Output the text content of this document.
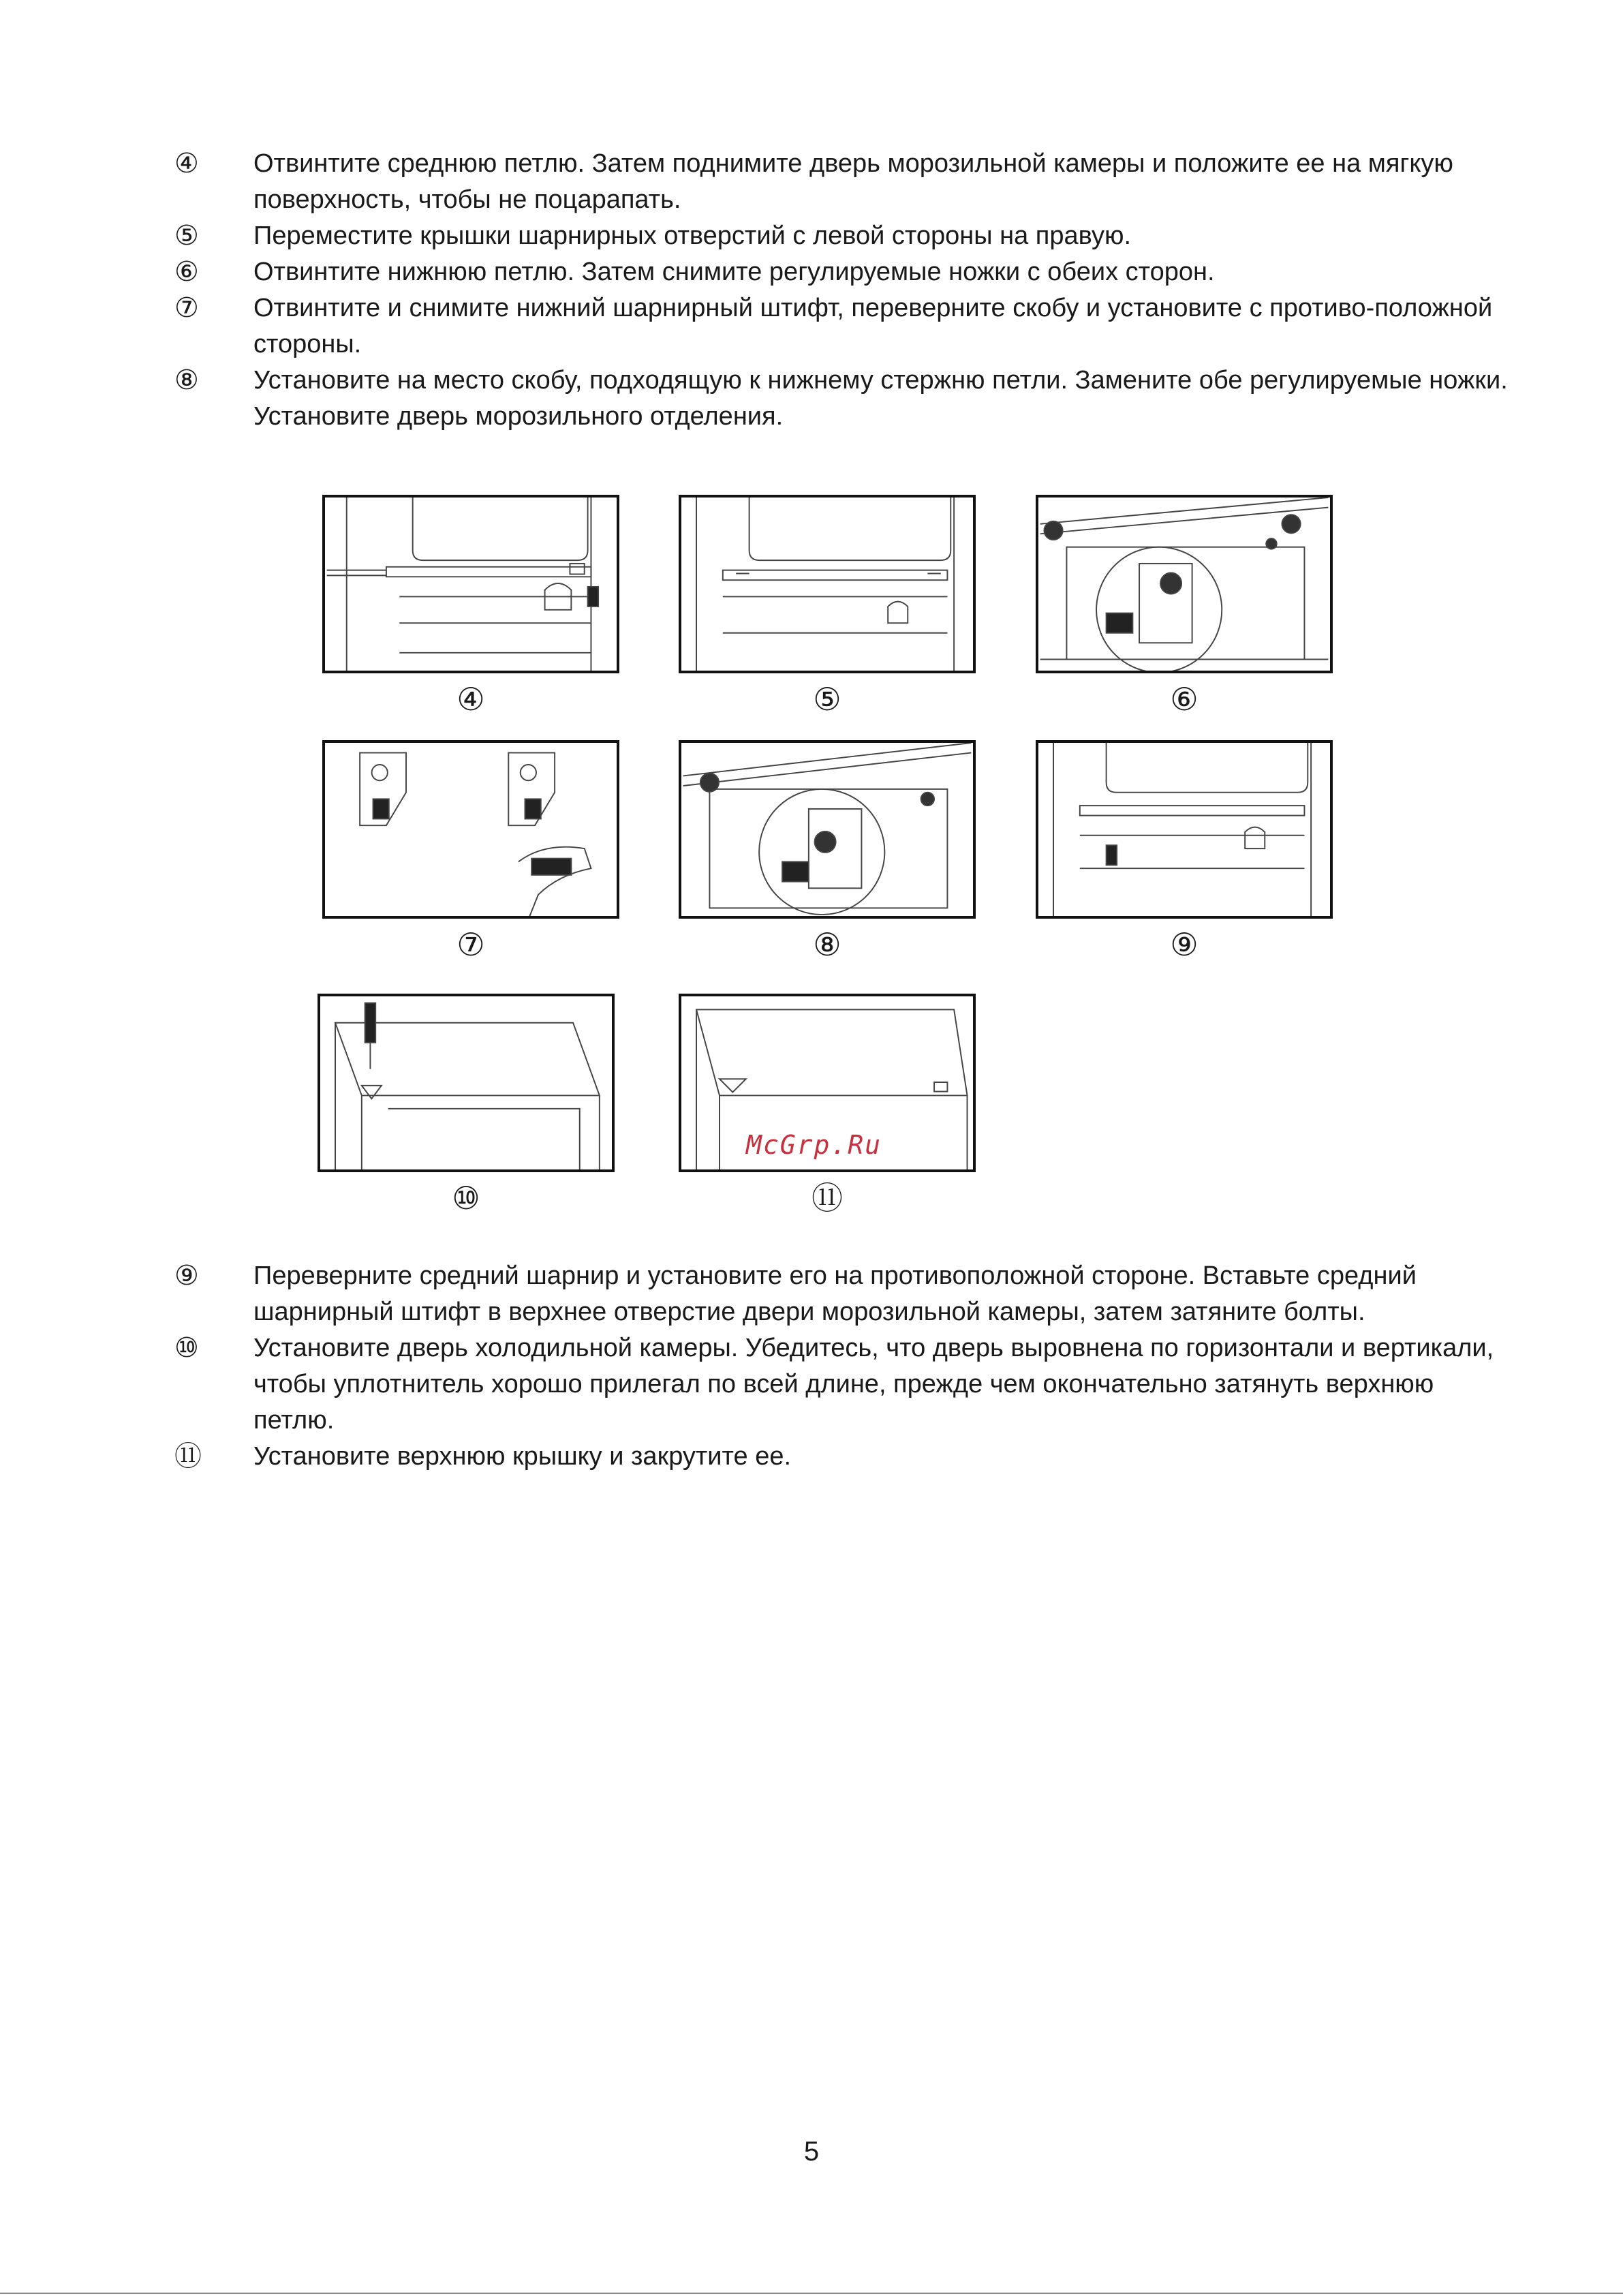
④	Отвинтите среднюю петлю. Затем поднимите дверь морозильной камеры и положите ее на мягкую поверхность, чтобы не поцарапать.
⑤	Переместите крышки шарнирных отверстий с левой стороны на правую.
⑥	Отвинтите нижнюю петлю. Затем снимите регулируемые ножки с обеих сторон.
⑦	Отвинтите и снимите нижний шарнирный штифт, переверните скобу и установите с противо-положной стороны.
⑧	Установите на место скобу, подходящую к нижнему стержню петли. Замените обе регулируемые ножки. Установите дверь морозильного отделения.
④	⑤	⑥
⑦	⑧	⑨
⑩
McGrp.Ru
⑪
⑨	Переверните средний шарнир и установите его на противоположной стороне. Вставьте средний шарнирный штифт в верхнее отверстие двери морозильной камеры, затем затяните болты.
⑩	Установите дверь холодильной камеры. Убедитесь, что дверь выровнена по горизонтали и вертикали, чтобы уплотнитель хорошо прилегал по всей длине, прежде чем окончательно затянуть верхнюю петлю.
⑪	Установите верхнюю крышку и закрутите ее.
5
